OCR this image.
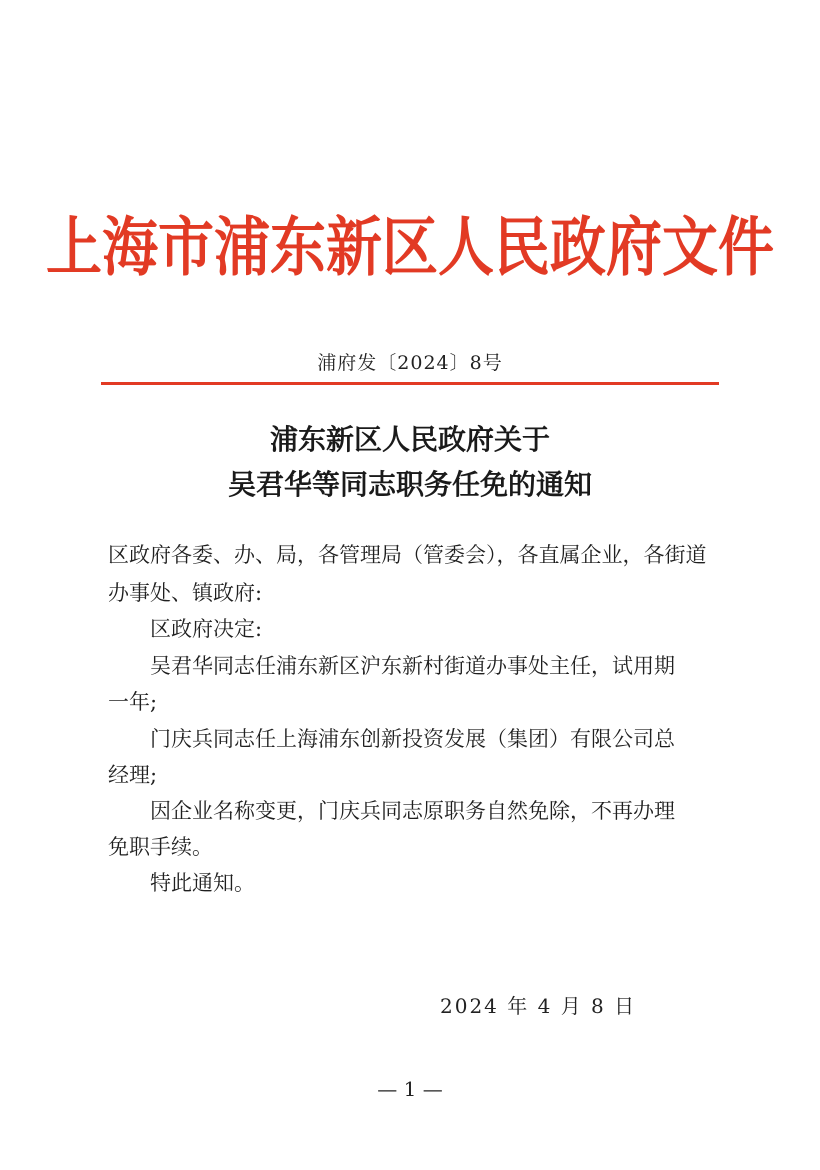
上海市浦东新区人民政府文件
浦府发〔2024〕8号
浦东新区人民政府关于
吴君华等同志职务任免的通知
区政府各委、办、局，各管理局（管委会），各直属企业，各街道
办事处、镇政府:
区政府决定:
吴君华同志任浦东新区沪东新村街道办事处主任，试用期
一年;
门庆兵同志任上海浦东创新投资发展（集团）有限公司总
经理;
因企业名称变更，门庆兵同志原职务自然免除，不再办理
免职手续。
特此通知。
2024 年 4 月 8 日
— 1 —
